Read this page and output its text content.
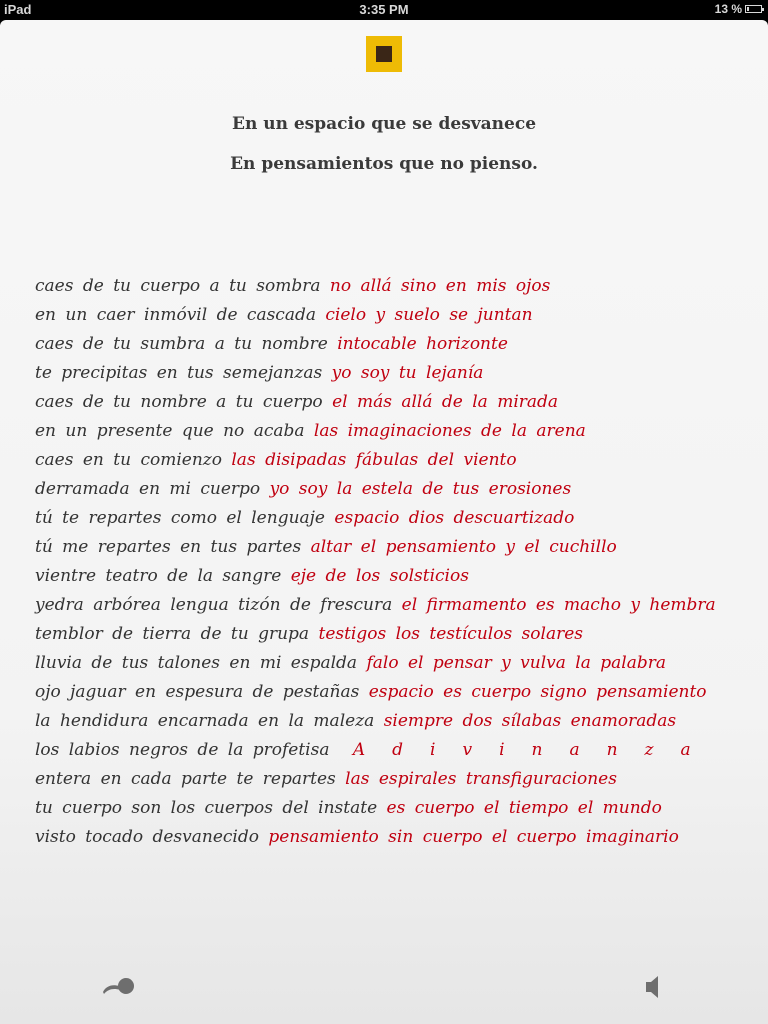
iPad	3:35 PM	13 %
En un espacio que se desvanece
En pensamientos que no pienso.
caes de tu cuerpo a tu sombra no allá sino en mis ojos
en un caer inmóvil de cascada cielo y suelo se juntan
caes de tu sumbra a tu nombre intocable horizonte
te precipitas en tus semejanzas yo soy tu lejanía
caes de tu nombre a tu cuerpo el más allá de la mirada
en un presente que no acaba las imaginaciones de la arena
caes en tu comienzo las disipadas fábulas del viento
derramada en mi cuerpo yo soy la estela de tus erosiones
tú te repartes como el lenguaje espacio dios descuartizado
tú me repartes en tus partes altar el pensamiento y el cuchillo
vientre teatro de la sangre eje de los solsticios
yedra arbórea lengua tizón de frescura el firmamento es macho y hembra
temblor de tierra de tu grupa testigos los testículos solares
lluvia de tus talones en mi espalda falo el pensar y vulva la palabra
ojo jaguar en espesura de pestañas espacio es cuerpo signo pensamiento
la hendidura encarnada en la maleza siempre dos sílabas enamoradas
los labios negros de la profetisa Adivinanza
entera en cada parte te repartes las espirales transfiguraciones
tu cuerpo son los cuerpos del instate es cuerpo el tiempo el mundo
visto tocado desvanecido pensamiento sin cuerpo el cuerpo imaginario
